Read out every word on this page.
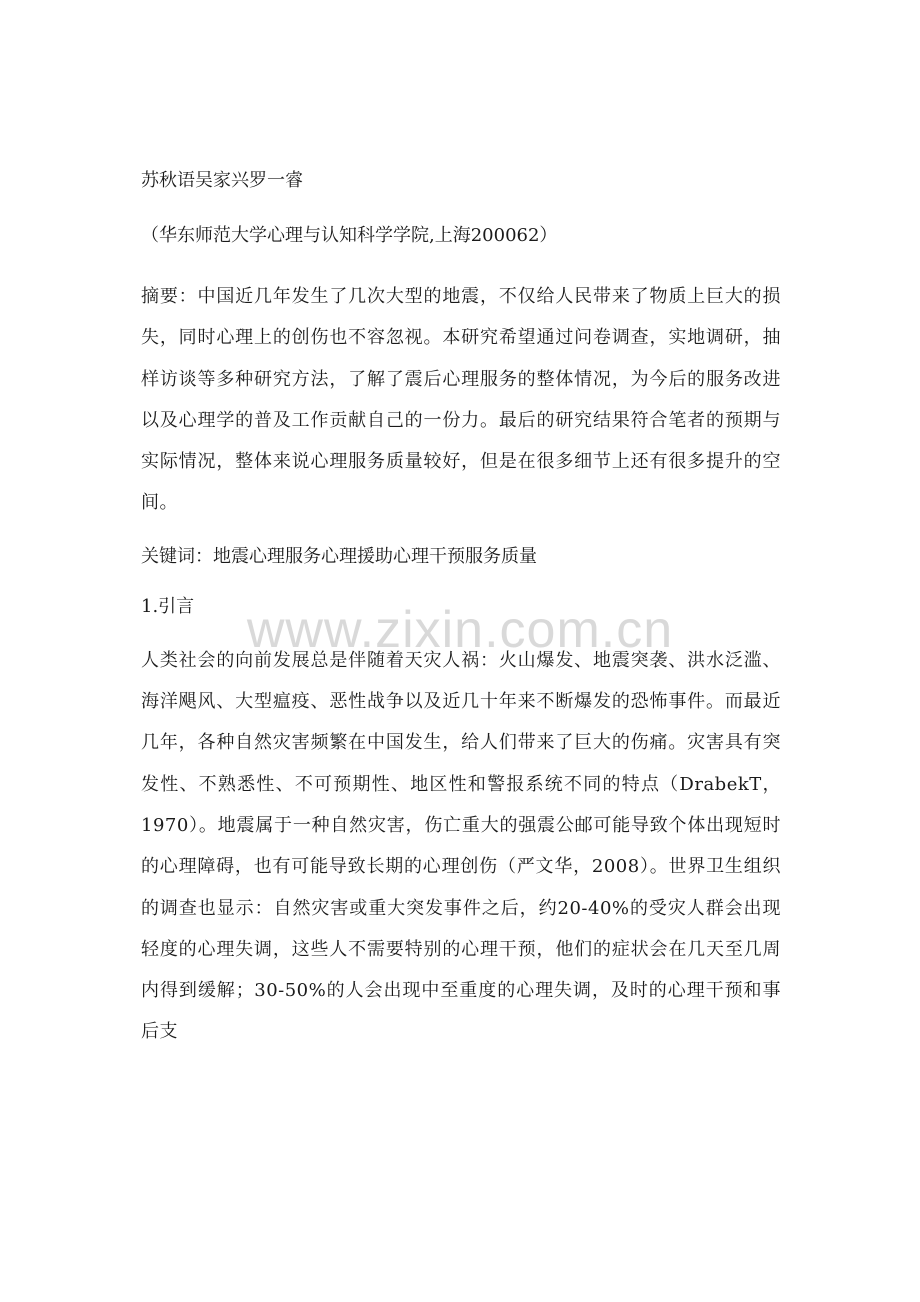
www.zixin.com.cn
苏秋语吴家兴罗一睿
（华东师范大学心理与认知科学学院,上海200062）
摘要：中国近几年发生了几次大型的地震，不仅给人民带来了物质上巨大的损失，同时心理上的创伤也不容忽视。本研究希望通过问卷调查，实地调研，抽样访谈等多种研究方法，了解了震后心理服务的整体情况，为今后的服务改进以及心理学的普及工作贡献自己的一份力。最后的研究结果符合笔者的预期与实际情况，整体来说心理服务质量较好，但是在很多细节上还有很多提升的空间。
关键词：地震心理服务心理援助心理干预服务质量
1.引言
人类社会的向前发展总是伴随着天灾人祸：火山爆发、地震突袭、洪水泛滥、海洋飓风、大型瘟疫、恶性战争以及近几十年来不断爆发的恐怖事件。而最近几年，各种自然灾害频繁在中国发生，给人们带来了巨大的伤痛。灾害具有突发性、不熟悉性、不可预期性、地区性和警报系统不同的特点（DrabekT，1970）。地震属于一种自然灾害，伤亡重大的强震公邮可能导致个体出现短时的心理障碍，也有可能导致长期的心理创伤（严文华，2008）。世界卫生组织的调查也显示：自然灾害或重大突发事件之后，约20-40%的受灾人群会出现轻度的心理失调，这些人不需要特别的心理干预，他们的症状会在几天至几周内得到缓解；30-50%的人会出现中至重度的心理失调，及时的心理干预和事后支
